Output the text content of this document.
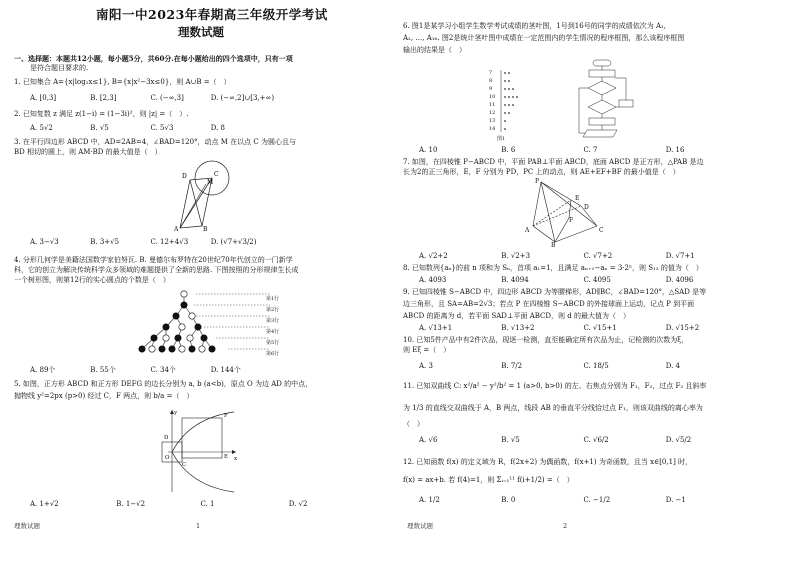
南阳一中2023年春期高三年级开学考试
理数试题
一、选择题：本题共12小题，每小题5分，共60分.在每小题给出的四个选项中，只有一项
是符合题目要求的.
1. 已知集合 A={x|log₂x≤1}, B={x|x²−3x≤0}，则 A∪B =（　）
A. [0,3]	B. [2,3]	C. (−∞,3]	D. (−∞,2]∪[3,+∞)
2. 已知复数 z 满足 z(1−i) = (1−3i)²，则 |z| =（　）.
A. 5√2	B. √5	C. 5√3	D. 8
3. 在平行四边形 ABCD 中，AD=2AB=4，∠BAD=120°，动点 M 在以点 C 为圆心且与
BD 相切的圆上，则 AM·BD 的最大值是（　）
D	C
M
A	B
A. 3−√3	B. 3+√5	C. 12+4√3	D. (√7+√3/2)
4. 分形几何学是美籍法国数学家伯努瓦. B. 曼德尔布罗特在20世纪70年代创立的一门新学
科，它的创立为解决传统科学众多领域的难题提供了全新的思路. 下图按照的分形规律生长成
一个树形图，则第12行的实心圆点的个数是（　）
第1行
第2行
第3行
第4行
第5行
第6行
A. 89个	B. 55个	C. 34个	D. 144个
5. 如图，正方形 ABCD 和正方形 DEFG 的边长分别为 a, b (a<b)，原点 O 为边 AD 的中点，
抛物线 y²=2px (p>0) 经过 C，F 两点，则 b/a =（　）
D
C
F
E
O	x
y
A. 1+√2	B. 1−√2	C. 1	D. √2
理数试题	1
6. 图1是某学习小组学生数学考试成绩的茎叶图，1号到16号的同学的成绩依次为 A₁,
A₂, …, A₁₆. 图2是统计茎叶图中成绩在一定范围内的学生情况的程序框图，那么该程序框图
输出的结果是（　）
7
8
9
10
11
12
13
14
图1
A. 10	B. 6	C. 7	D. 16
7. 如图，在四棱锥 P−ABCD 中，平面 PAB⊥平面 ABCD，底面 ABCD 是正方形，△PAB 是边
长为2的正三角形，E，F 分别为 PD，PC 上的动点，则 AE+EF+BF 的最小值是（　）
P
E
D
F
C
A
B
A. √2+2	B. √2+3	C. √7+2	D. √7+1
8. 已知数列{aₙ}的前 n 项和为 Sₙ，首项 a₁=1，且满足 aₙ₊₁−aₙ = 3·2ⁿ，则 S₁₂ 的值为（　）
A. 4093	B. 4094	C. 4095	D. 4096
9. 已知四棱锥 S−ABCD 中，四边形 ABCD 为等腰梯形，AD∥BC，∠BAD=120°，△SAD 是等
边三角形，且 SA=AB=2√3；若点 P 在四棱锥 S−ABCD 的外接球面上运动，记点 P 到平面
ABCD 的距离为 d，若平面 SAD⊥平面 ABCD，则 d 的最大值为（　）
A. √13+1	B. √13+2	C. √15+1	D. √15+2
10. 已知5件产品中有2件次品，现逐一检测，直至能确定所有次品为止，记检测的次数为ξ，
则 Eξ =（　）
A. 3	B. 7/2	C. 18/5	D. 4
11. 已知双曲线 C: x²/a² − y²/b² = 1 (a>0, b>0) 的左、右焦点分别为 F₁，F₂，过点 F₂ 且斜率
为 1/3 的直线交双曲线于 A，B 两点，线段 AB 的垂直平分线恰过点 F₁，则该双曲线的离心率为
（　）
A. √6	B. √5	C. √6/2	D. √5/2
12. 已知函数 f(x) 的定义域为 R，f(2x+2) 为偶函数，f(x+1) 为奇函数，且当 x∈[0,1] 时，
f(x) = ax+b. 若 f(4)=1，则 Σᵢ₌₁¹¹ f(i+1/2) =（　）
A. 1/2	B. 0	C. −1/2	D. −1
理数试题	2
